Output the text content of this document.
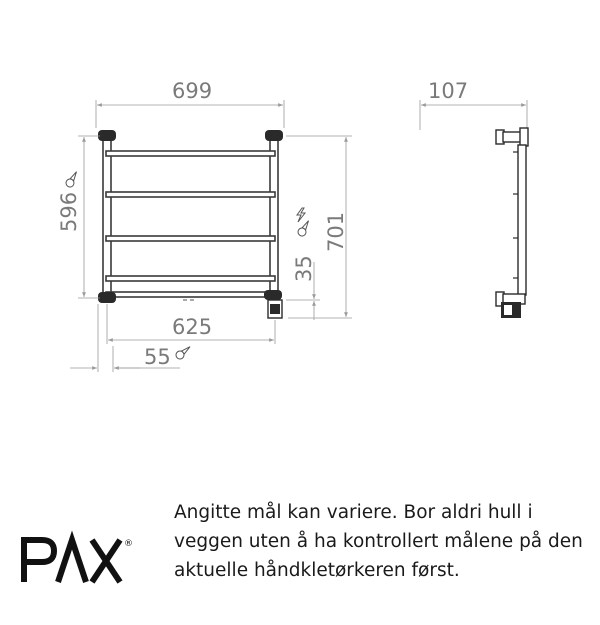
699
596	701
35
625
55
107
®

Angitte mål kan variere. Bor aldri hull i veggen uten å ha kontrollert målene på den aktuelle håndkletørkeren først.
